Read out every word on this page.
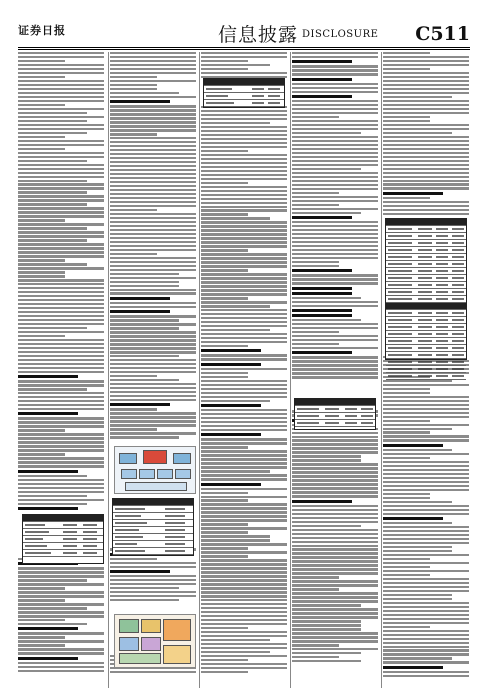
证券日报	信息披露 DISCLOSURE C511
